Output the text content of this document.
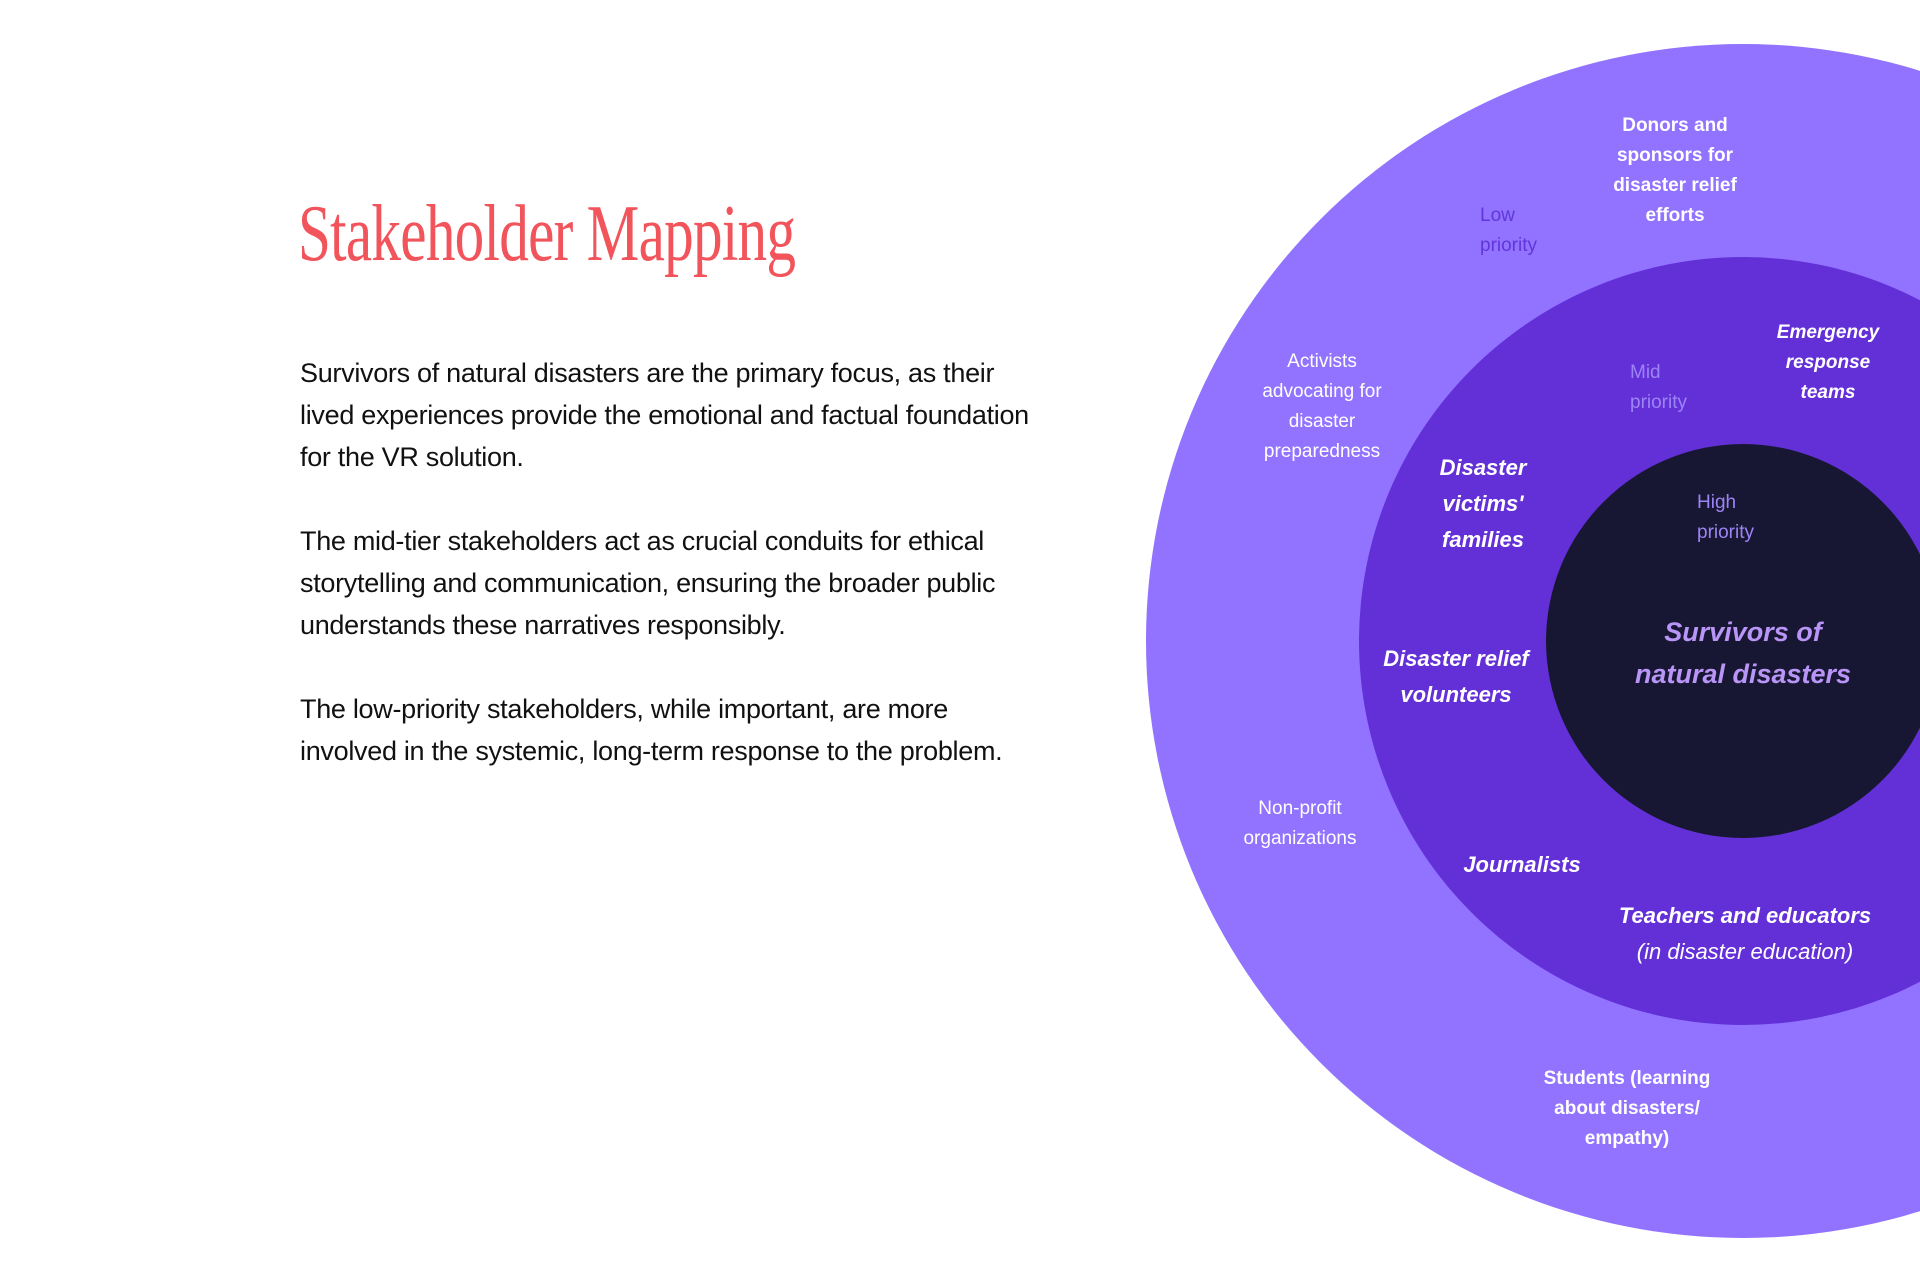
Stakeholder Mapping

Survivors of natural disasters are the primary focus, as their lived experiences provide the emotional and factual foundation for the VR solution.

The mid-tier stakeholders act as crucial conduits for ethical storytelling and communication, ensuring the broader public understands these narratives responsibly.

The low-priority stakeholders, while important, are more involved in the systemic, long-term response to the problem.

Low
priority
Donors and
sponsors for
disaster relief
efforts
Activists
advocating for
disaster
preparedness
Non-profit
organizations
Students (learning
about disasters/
empathy)
Mid
priority
Emergency
response
teams
Disaster
victims'
families
Disaster relief
volunteers
Journalists
Teachers and educators
(in disaster education)
High
priority
Survivors of
natural disasters
